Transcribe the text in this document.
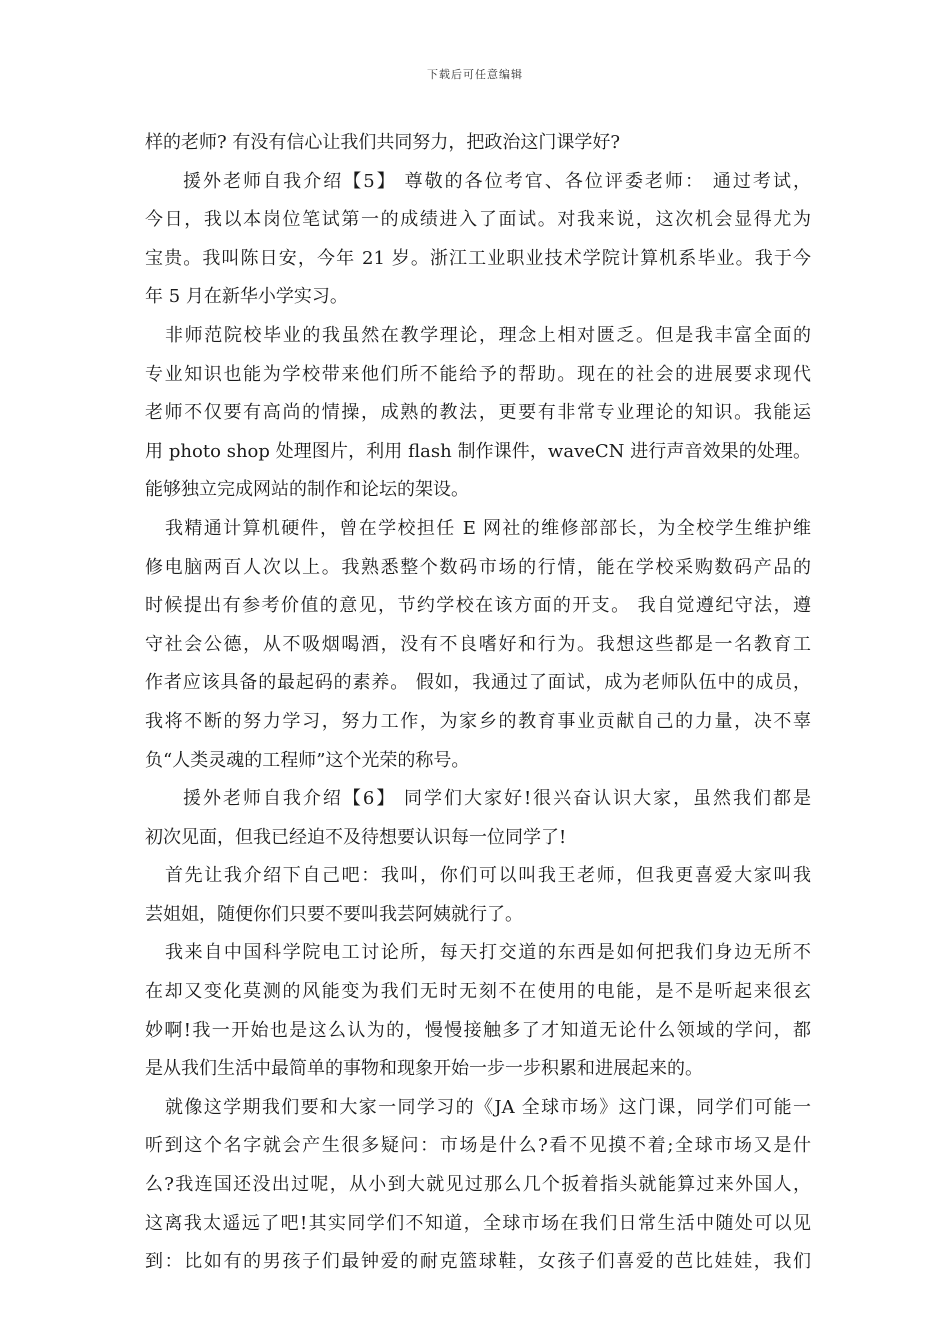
下载后可任意编辑
样的老师? 有没有信心让我们共同努力，把政治这门课学好?
援外老师自我介绍【5】 尊敬的各位考官、各位评委老师： 通过考试，
今日，我以本岗位笔试第一的成绩进入了面试。对我来说，这次机会显得尤为
宝贵。我叫陈日安，今年 21 岁。浙江工业职业技术学院计算机系毕业。我于今
年 5 月在新华小学实习。
非师范院校毕业的我虽然在教学理论，理念上相对匮乏。但是我丰富全面的
专业知识也能为学校带来他们所不能给予的帮助。现在的社会的进展要求现代
老师不仅要有高尚的情操，成熟的教法，更要有非常专业理论的知识。我能运
用 photo shop 处理图片，利用 flash 制作课件，waveCN 进行声音效果的处理。
能够独立完成网站的制作和论坛的架设。
我精通计算机硬件，曾在学校担任 E 网社的维修部部长，为全校学生维护维
修电脑两百人次以上。我熟悉整个数码市场的行情，能在学校采购数码产品的
时候提出有参考价值的意见，节约学校在该方面的开支。 我自觉遵纪守法，遵
守社会公德，从不吸烟喝酒，没有不良嗜好和行为。我想这些都是一名教育工
作者应该具备的最起码的素养。 假如，我通过了面试，成为老师队伍中的成员，
我将不断的努力学习，努力工作，为家乡的教育事业贡献自己的力量，决不辜
负“人类灵魂的工程师”这个光荣的称号。
援外老师自我介绍【6】 同学们大家好!很兴奋认识大家，虽然我们都是
初次见面，但我已经迫不及待想要认识每一位同学了!
首先让我介绍下自己吧：我叫，你们可以叫我王老师，但我更喜爱大家叫我
芸姐姐，随便你们只要不要叫我芸阿姨就行了。
我来自中国科学院电工讨论所，每天打交道的东西是如何把我们身边无所不
在却又变化莫测的风能变为我们无时无刻不在使用的电能，是不是听起来很玄
妙啊!我一开始也是这么认为的，慢慢接触多了才知道无论什么领域的学问，都
是从我们生活中最简单的事物和现象开始一步一步积累和进展起来的。
就像这学期我们要和大家一同学习的《JA 全球市场》这门课，同学们可能一
听到这个名字就会产生很多疑问：市场是什么?看不见摸不着;全球市场又是什
么?我连国还没出过呢，从小到大就见过那么几个扳着指头就能算过来外国人，
这离我太遥远了吧!其实同学们不知道，全球市场在我们日常生活中随处可以见
到：比如有的男孩子们最钟爱的耐克篮球鞋，女孩子们喜爱的芭比娃娃，我们
